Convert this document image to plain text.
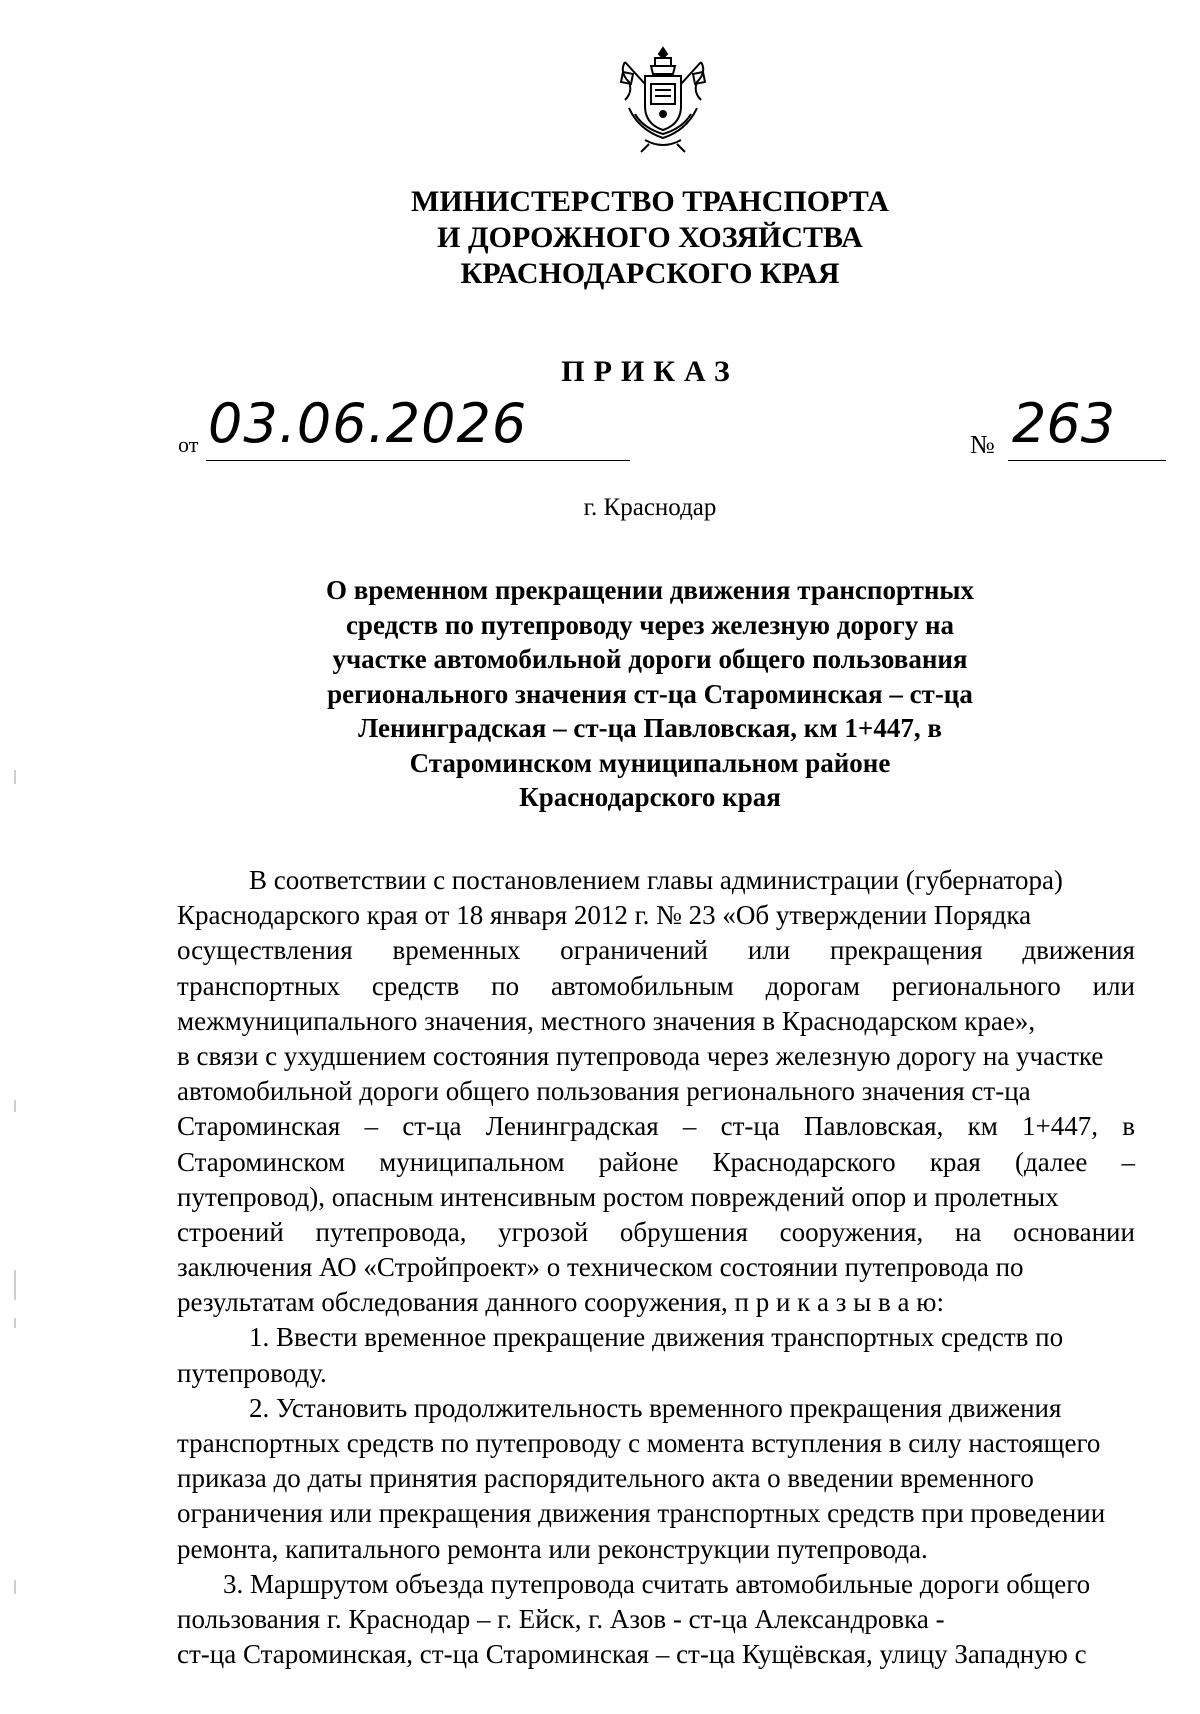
МИНИСТЕРСТВО ТРАНСПОРТА
И ДОРОЖНОГО ХОЗЯЙСТВА
КРАСНОДАРСКОГО КРАЯ
ПРИКАЗ
от 03.06.2026	№ 263
г. Краснодар
О временном прекращении движения транспортных
средств по путепроводу через железную дорогу на
участке автомобильной дороги общего пользования
регионального значения ст-ца Староминская – ст-ца
Ленинградская – ст-ца Павловская, км 1+447, в
Староминском муниципальном районе
Краснодарского края
В соответствии с постановлением главы администрации (губернатора)
Краснодарского края от 18 января 2012 г. № 23 «Об утверждении Порядка
осуществления временных ограничений или прекращения движения
транспортных средств по автомобильным дорогам регионального или
межмуниципального значения, местного значения в Краснодарском крае»,
в связи с ухудшением состояния путепровода через железную дорогу на участке
автомобильной дороги общего пользования регионального значения ст-ца
Староминская – ст-ца Ленинградская – ст-ца Павловская, км 1+447, в
Староминском муниципальном районе Краснодарского края (далее –
путепровод), опасным интенсивным ростом повреждений опор и пролетных
строений путепровода, угрозой обрушения сооружения, на основании
заключения АО «Стройпроект» о техническом состоянии путепровода по
результатам обследования данного сооружения, п р и к а з ы в а ю:
1. Ввести временное прекращение движения транспортных средств по
путепроводу.
2. Установить продолжительность временного прекращения движения
транспортных средств по путепроводу с момента вступления в силу настоящего
приказа до даты принятия распорядительного акта о введении временного
ограничения или прекращения движения транспортных средств при проведении
ремонта, капитального ремонта или реконструкции путепровода.
3. Маршрутом объезда путепровода считать автомобильные дороги общего
пользования г. Краснодар – г. Ейск, г. Азов - ст-ца Александровка -
ст-ца Староминская, ст-ца Староминская – ст-ца Кущёвская, улицу Западную с
